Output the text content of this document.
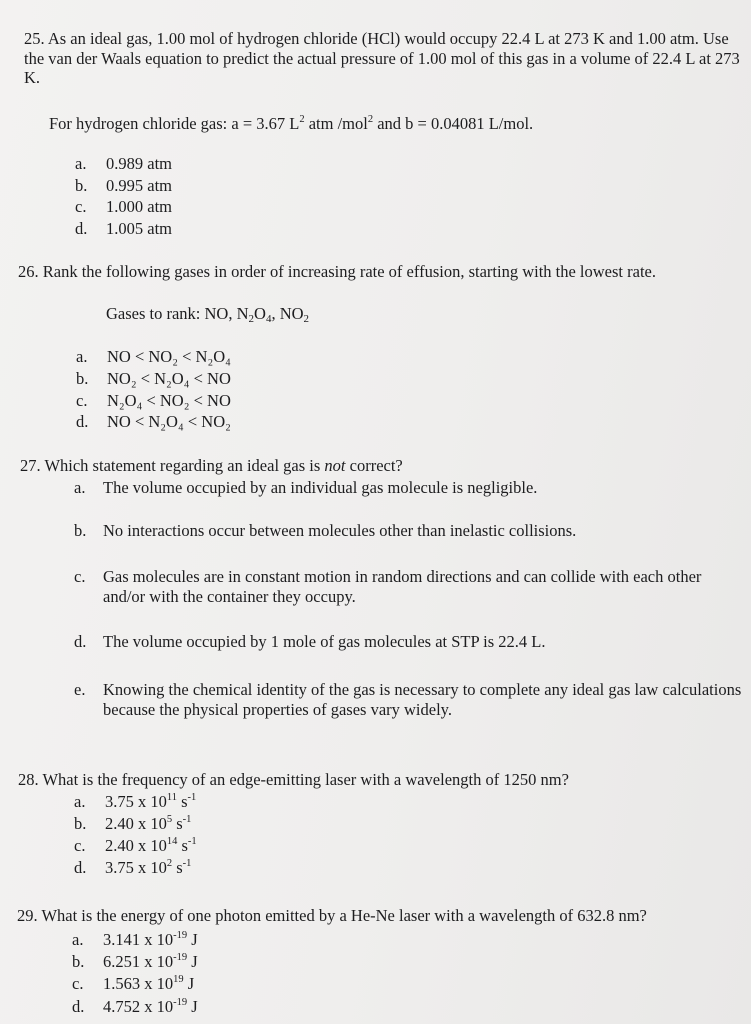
25. As an ideal gas, 1.00 mol of hydrogen chloride (HCl) would occupy 22.4 L at 273 K and 1.00 atm. Use the van der Waals equation to predict the actual pressure of 1.00 mol of this gas in a volume of 22.4 L at 273 K.
For hydrogen chloride gas: a = 3.67 $L^2$ atm /mol$^2$ and b = 0.04081 L/mol.
a. 0.989 atm
b. 0.995 atm
c. 1.000 atm
d. 1.005 atm
26. Rank the following gases in order of increasing rate of effusion, starting with the lowest rate.
Gases to rank: NO, $N_2O_4$, $NO_2$
a. NO < NO₂ < N₂O₄
b. NO₂ < N₂O₄ < NO
c. N₂O₄ < NO₂ < NO
d. NO < N₂O₄ < NO₂
27. Which statement regarding an ideal gas is not correct?
a.	The volume occupied by an individual gas molecule is negligible.
b.	No interactions occur between molecules other than inelastic collisions.
c.	Gas molecules are in constant motion in random directions and can collide with each other and/or with the container they occupy.
d.	The volume occupied by 1 mole of gas molecules at STP is 22.4 L.
e.	Knowing the chemical identity of the gas is necessary to complete any ideal gas law calculations because the physical properties of gases vary widely.
28. What is the frequency of an edge-emitting laser with a wavelength of 1250 nm?
a. 3.75 x $10^{11}$ $s^{-1}$
b. 2.40 x $10^5$ $s^{-1}$
c. 2.40 x $10^{14}$ $s^{-1}$
d. 3.75 x $10^2$ $s^{-1}$
29. What is the energy of one photon emitted by a He-Ne laser with a wavelength of 632.8 nm?
a. 3.141 x $10^{-19}$ J
b. 6.251 x $10^{-19}$ J
c. 1.563 x $10^{19}$ J
d. 4.752 x $10^{-19}$ J
